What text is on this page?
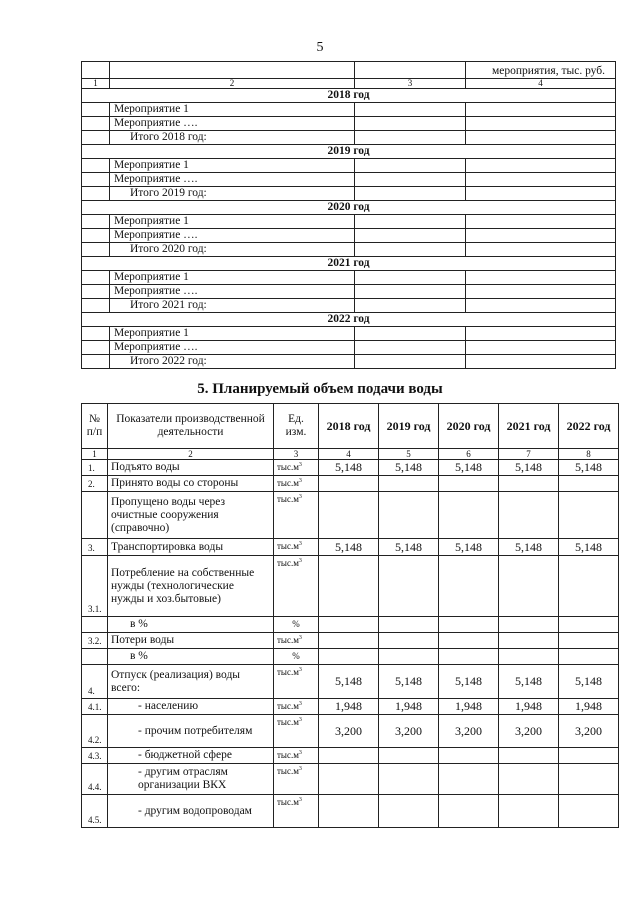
5
			мероприятия, тыс. руб.
1	2	3	4
2018 год			
	Мероприятие 1		
	Мероприятие ….		
	Итого 2018 год:		
2019 год			
	Мероприятие 1		
	Мероприятие ….		
	Итого 2019 год:		
2020 год			
	Мероприятие 1		
	Мероприятие ….		
	Итого 2020 год:		
2021 год			
	Мероприятие 1		
	Мероприятие ….		
	Итого 2021 год:		
2022 год			
	Мероприятие 1		
	Мероприятие ….		
	Итого 2022 год:		
5. Планируемый объем подачи воды
№ п/п	Показатели производственной деятельности	Ед. изм.	2018 год	2019 год	2020 год	2021 год	2022 год
1	2	3	4	5	6	7	8
1.	Подъято воды	$тыс.м^3$	5,148	5,148	5,148	5,148	5,148
2.	Принято воды со стороны	$тыс.м^3$					
	Пропущено воды через очистные сооружения (справочно)	$тыс.м^3$					
3.	Транспортировка воды	$тыс.м^3$	5,148	5,148	5,148	5,148	5,148
3.1.	Потребление на собственные нужды (технологические нужды и хоз.бытовые)	$тыс.м^3$					
	в %	%					
3.2.	Потери воды	$тыс.м^3$					
	в %	%					
4.	Отпуск (реализация) воды всего:	$тыс.м^3$	5,148	5,148	5,148	5,148	5,148
4.1.	- населению	$тыс.м^3$	1,948	1,948	1,948	1,948	1,948
4.2.	- прочим потребителям	$тыс.м^3$	3,200	3,200	3,200	3,200	3,200
4.3.	- бюджетной сфере	$тыс.м^3$					
4.4.	- другим отраслям организации ВКХ	$тыс.м^3$					
4.5.	- другим водопроводам	$тыс.м^3$					
